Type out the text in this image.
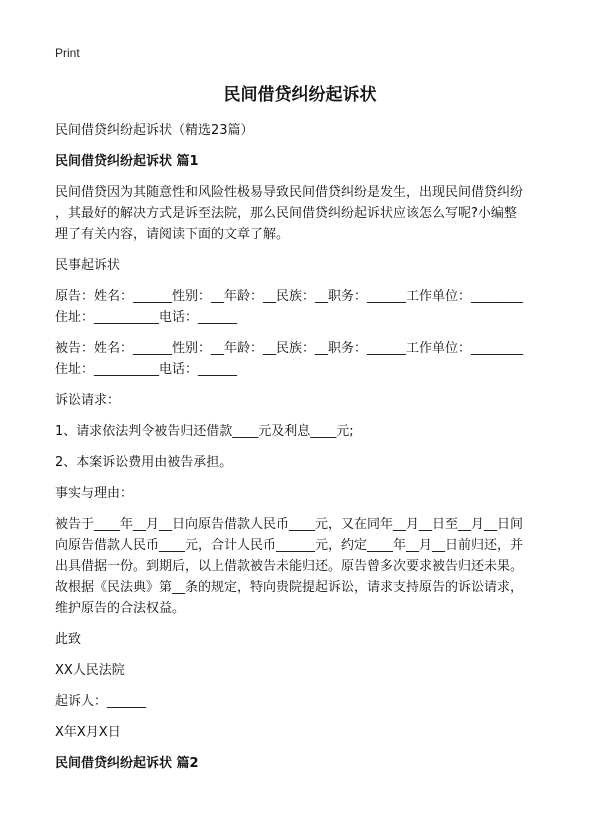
Print
民间借贷纠纷起诉状

民间借贷纠纷起诉状（精选23篇）

民间借贷纠纷起诉状 篇1

民间借贷因为其随意性和风险性极易导致民间借贷纠纷是发生，出现民间借贷纠纷
，其最好的解决方式是诉至法院，那么民间借贷纠纷起诉状应该怎么写呢?小编整
理了有关内容，请阅读下面的文章了解。

民事起诉状

原告：姓名：______性别：__年龄：__民族：__职务：______工作单位：________
住址：__________电话：______

被告：姓名：______性别：__年龄：__民族：__职务：______工作单位：________
住址：__________电话：______

诉讼请求：

1、请求依法判令被告归还借款____元及利息____元;

2、本案诉讼费用由被告承担。

事实与理由：

被告于____年__月__日向原告借款人民币____元，又在同年__月__日至__月__日间
向原告借款人民币____元，合计人民币______元，约定____年__月__日前归还，并
出具借据一份。到期后，以上借款被告未能归还。原告曾多次要求被告归还未果。
故根据《民法典》第__条的规定，特向贵院提起诉讼，请求支持原告的诉讼请求，
维护原告的合法权益。

此致

XX人民法院

起诉人：______

X年X月X日

民间借贷纠纷起诉状 篇2
